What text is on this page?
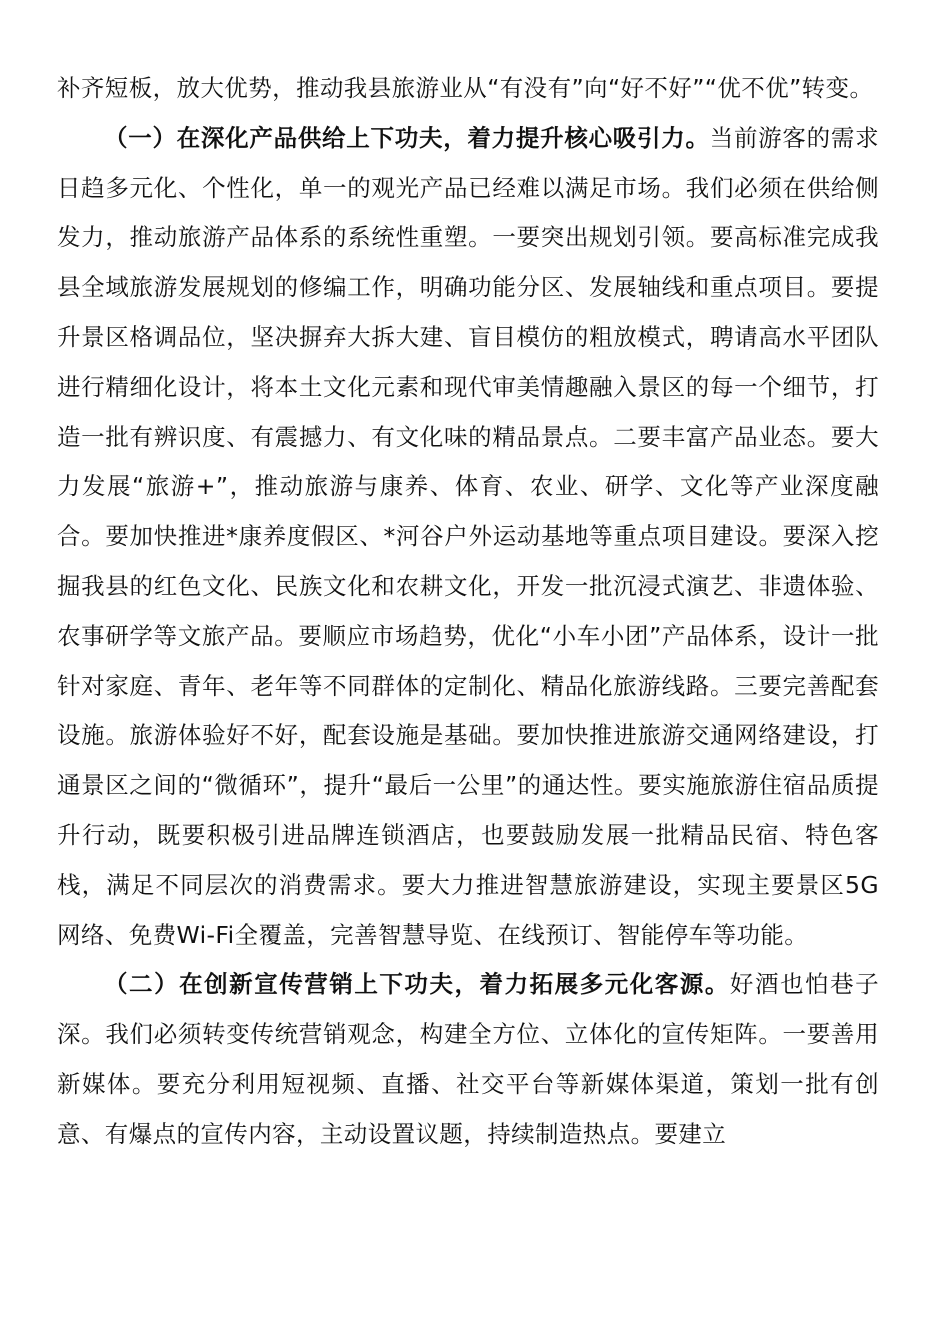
补齐短板，放大优势，推动我县旅游业从“有没有”向“好不好”“优不优”转变。

（一）在深化产品供给上下功夫，着力提升核心吸引力。当前游客的需求日趋多元化、个性化，单一的观光产品已经难以满足市场。我们必须在供给侧发力，推动旅游产品体系的系统性重塑。一要突出规划引领。要高标准完成我县全域旅游发展规划的修编工作，明确功能分区、发展轴线和重点项目。要提升景区格调品位，坚决摒弃大拆大建、盲目模仿的粗放模式，聘请高水平团队进行精细化设计，将本土文化元素和现代审美情趣融入景区的每一个细节，打造一批有辨识度、有震撼力、有文化味的精品景点。二要丰富产品业态。要大力发展“旅游+”，推动旅游与康养、体育、农业、研学、文化等产业深度融合。要加快推进*康养度假区、*河谷户外运动基地等重点项目建设。要深入挖掘我县的红色文化、民族文化和农耕文化，开发一批沉浸式演艺、非遗体验、农事研学等文旅产品。要顺应市场趋势，优化“小车小团”产品体系，设计一批针对家庭、青年、老年等不同群体的定制化、精品化旅游线路。三要完善配套设施。旅游体验好不好，配套设施是基础。要加快推进旅游交通网络建设，打通景区之间的“微循环”，提升“最后一公里”的通达性。要实施旅游住宿品质提升行动，既要积极引进品牌连锁酒店，也要鼓励发展一批精品民宿、特色客栈，满足不同层次的消费需求。要大力推进智慧旅游建设，实现主要景区5G网络、免费Wi-Fi全覆盖，完善智慧导览、在线预订、智能停车等功能。

（二）在创新宣传营销上下功夫，着力拓展多元化客源。好酒也怕巷子深。我们必须转变传统营销观念，构建全方位、立体化的宣传矩阵。一要善用新媒体。要充分利用短视频、直播、社交平台等新媒体渠道，策划一批有创意、有爆点的宣传内容，主动设置议题，持续制造热点。要建立
